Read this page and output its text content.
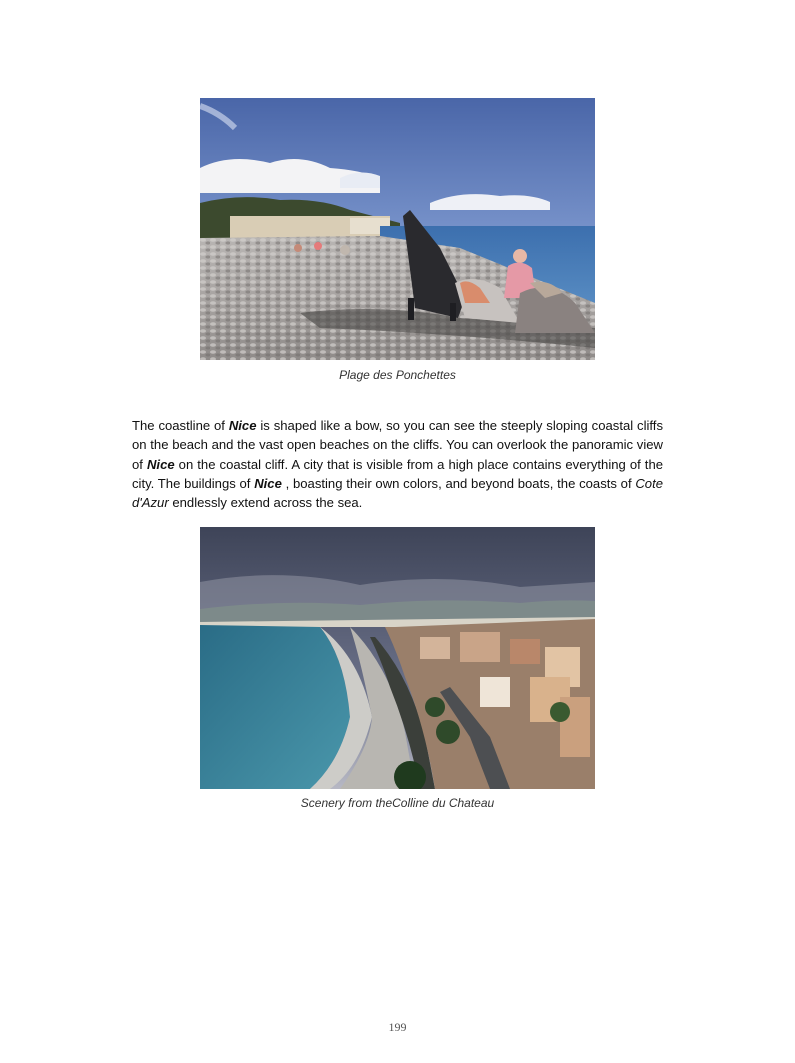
Plage des Ponchettes

The coastline of Nice is shaped like a bow, so you can see the steeply sloping coastal cliffs on the beach and the vast open beaches on the cliffs. You can overlook the panoramic view of Nice on the coastal cliff. A city that is visible from a high place contains everything of the city. The buildings of Nice , boasting their own colors, and beyond boats, the coasts of Cote d'Azur endlessly extend across the sea.

Scenery from theColline du Chateau
199
